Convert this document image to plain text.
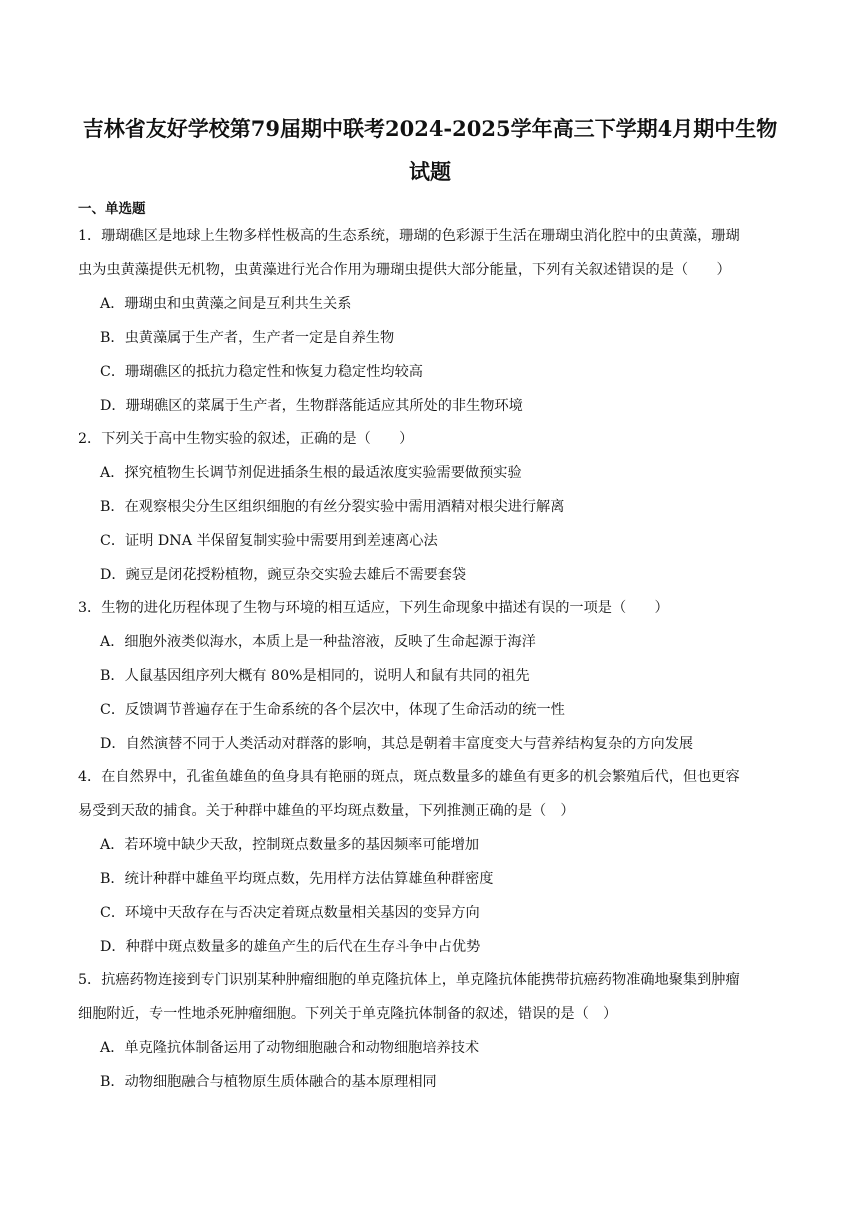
吉林省友好学校第79届期中联考2024-2025学年高三下学期4月期中生物
试题
一、单选题
1．珊瑚礁区是地球上生物多样性极高的生态系统，珊瑚的色彩源于生活在珊瑚虫消化腔中的虫黄藻，珊瑚
虫为虫黄藻提供无机物，虫黄藻进行光合作用为珊瑚虫提供大部分能量，下列有关叙述错误的是（　　）
A．珊瑚虫和虫黄藻之间是互利共生关系
B．虫黄藻属于生产者，生产者一定是自养生物
C．珊瑚礁区的抵抗力稳定性和恢复力稳定性均较高
D．珊瑚礁区的菜属于生产者，生物群落能适应其所处的非生物环境
2．下列关于高中生物实验的叙述，正确的是（　　）
A．探究植物生长调节剂促进插条生根的最适浓度实验需要做预实验
B．在观察根尖分生区组织细胞的有丝分裂实验中需用酒精对根尖进行解离
C．证明 DNA 半保留复制实验中需要用到差速离心法
D．豌豆是闭花授粉植物，豌豆杂交实验去雄后不需要套袋
3．生物的进化历程体现了生物与环境的相互适应，下列生命现象中描述有误的一项是（　　）
A．细胞外液类似海水，本质上是一种盐溶液，反映了生命起源于海洋
B．人鼠基因组序列大概有 80%是相同的，说明人和鼠有共同的祖先
C．反馈调节普遍存在于生命系统的各个层次中，体现了生命活动的统一性
D．自然演替不同于人类活动对群落的影响，其总是朝着丰富度变大与营养结构复杂的方向发展
4．在自然界中，孔雀鱼雄鱼的鱼身具有艳丽的斑点，斑点数量多的雄鱼有更多的机会繁殖后代，但也更容
易受到天敌的捕食。关于种群中雄鱼的平均斑点数量，下列推测正确的是（　）
A．若环境中缺少天敌，控制斑点数量多的基因频率可能增加
B．统计种群中雄鱼平均斑点数，先用样方法估算雄鱼种群密度
C．环境中天敌存在与否决定着斑点数量相关基因的变异方向
D．种群中斑点数量多的雄鱼产生的后代在生存斗争中占优势
5．抗癌药物连接到专门识别某种肿瘤细胞的单克隆抗体上，单克隆抗体能携带抗癌药物准确地聚集到肿瘤
细胞附近，专一性地杀死肿瘤细胞。下列关于单克隆抗体制备的叙述，错误的是（　）
A．单克隆抗体制备运用了动物细胞融合和动物细胞培养技术
B．动物细胞融合与植物原生质体融合的基本原理相同
